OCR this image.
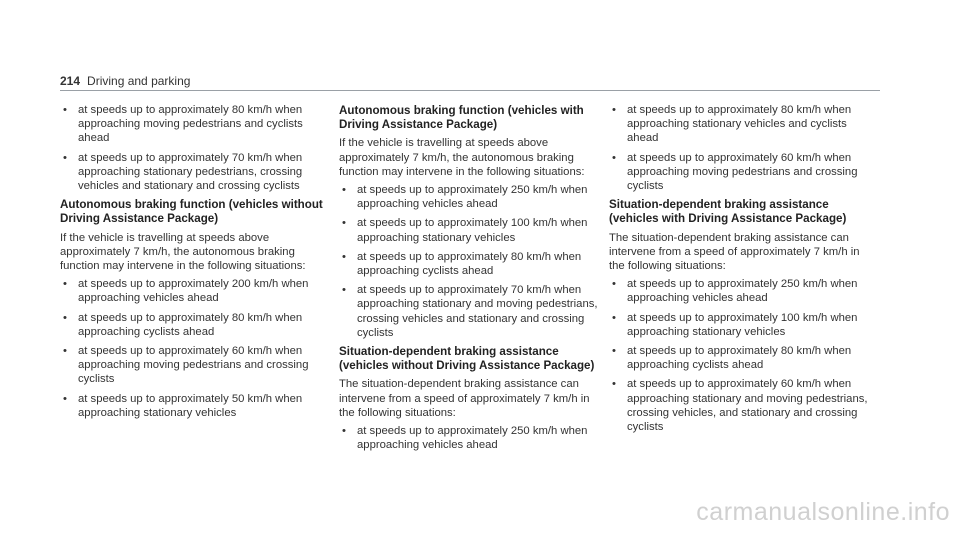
214 Driving and parking
• at speeds up to approximately 80 km/h when approaching moving pedestrians and cyclists ahead
• at speeds up to approximately 70 km/h when approaching stationary pedestrians, crossing vehicles and stationary and crossing cyclists
Autonomous braking function (vehicles without Driving Assistance Package)

If the vehicle is travelling at speeds above approximately 7 km/h, the autonomous braking function may intervene in the following situations:

• at speeds up to approximately 200 km/h when approaching vehicles ahead
• at speeds up to approximately 80 km/h when approaching cyclists ahead
• at speeds up to approximately 60 km/h when approaching moving pedestrians and crossing cyclists
• at speeds up to approximately 50 km/h when approaching stationary vehicles
Autonomous braking function (vehicles with Driving Assistance Package)

If the vehicle is travelling at speeds above approximately 7 km/h, the autonomous braking function may intervene in the following situations:

• at speeds up to approximately 250 km/h when approaching vehicles ahead
• at speeds up to approximately 100 km/h when approaching stationary vehicles
• at speeds up to approximately 80 km/h when approaching cyclists ahead
• at speeds up to approximately 70 km/h when approaching stationary and moving pedestrians, crossing vehicles and stationary and crossing cyclists
Situation-dependent braking assistance (vehicles without Driving Assistance Package)

The situation-dependent braking assistance can intervene from a speed of approximately 7 km/h in the following situations:

• at speeds up to approximately 250 km/h when approaching vehicles ahead
• at speeds up to approximately 80 km/h when approaching stationary vehicles and cyclists ahead
• at speeds up to approximately 60 km/h when approaching moving pedestrians and crossing cyclists
Situation-dependent braking assistance (vehicles with Driving Assistance Package)

The situation-dependent braking assistance can intervene from a speed of approximately 7 km/h in the following situations:

• at speeds up to approximately 250 km/h when approaching vehicles ahead
• at speeds up to approximately 100 km/h when approaching stationary vehicles
• at speeds up to approximately 80 km/h when approaching cyclists ahead
• at speeds up to approximately 60 km/h when approaching stationary and moving pedestrians, crossing vehicles, and stationary and crossing cyclists
carmanualsonline.info
